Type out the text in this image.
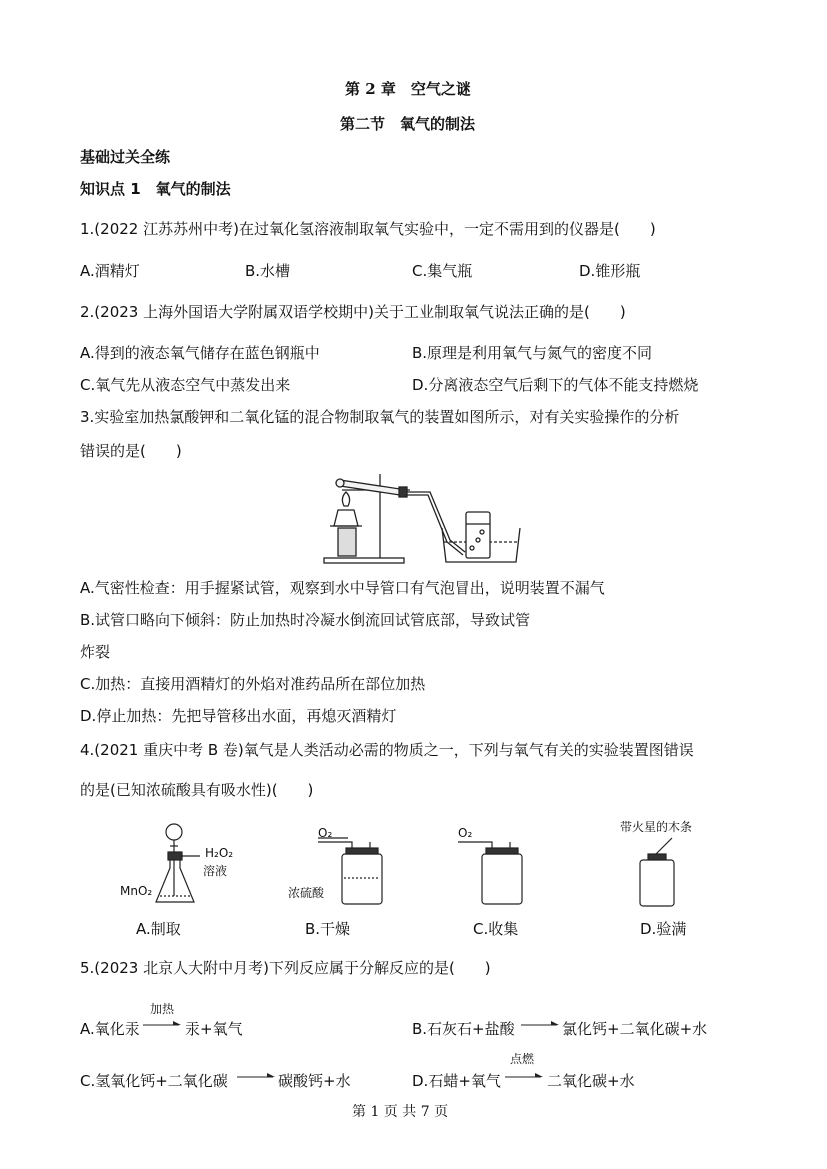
第 2 章　空气之谜
第二节　氧气的制法
基础过关全练
知识点 1　氧气的制法
1.(2022 江苏苏州中考)在过氧化氢溶液制取氧气实验中，一定不需用到的仪器是(　　)
A.酒精灯	B.水槽	C.集气瓶	D.锥形瓶
2.(2023 上海外国语大学附属双语学校期中)关于工业制取氧气说法正确的是(　　)
A.得到的液态氧气储存在蓝色钢瓶中	B.原理是利用氧气与氮气的密度不同
C.氧气先从液态空气中蒸发出来	D.分离液态空气后剩下的气体不能支持燃烧
3.实验室加热氯酸钾和二氧化锰的混合物制取氧气的装置如图所示，对有关实验操作的分析
错误的是(　　)
A.气密性检查：用手握紧试管，观察到水中导管口有气泡冒出，说明装置不漏气
B.试管口略向下倾斜：防止加热时冷凝水倒流回试管底部，导致试管
炸裂
C.加热：直接用酒精灯的外焰对准药品所在部位加热
D.停止加热：先把导管移出水面，再熄灭酒精灯
4.(2021 重庆中考 B 卷)氧气是人类活动必需的物质之一，下列与氧气有关的实验装置图错误
的是(已知浓硫酸具有吸水性)(　　)
H₂O₂
溶液
MnO₂
A.制取
O₂
浓硫酸
B.干燥
O₂
C.收集
带火星的木条
D.验满
5.(2023 北京人大附中月考)下列反应属于分解反应的是(　　)
A.氧化汞
加热
汞+氧气	B.石灰石+盐酸	氯化钙+二氧化碳+水
C.氢氧化钙+二氧化碳	碳酸钙+水	D.石蜡+氧气
点燃
二氧化碳+水
第 1 页 共 7 页
